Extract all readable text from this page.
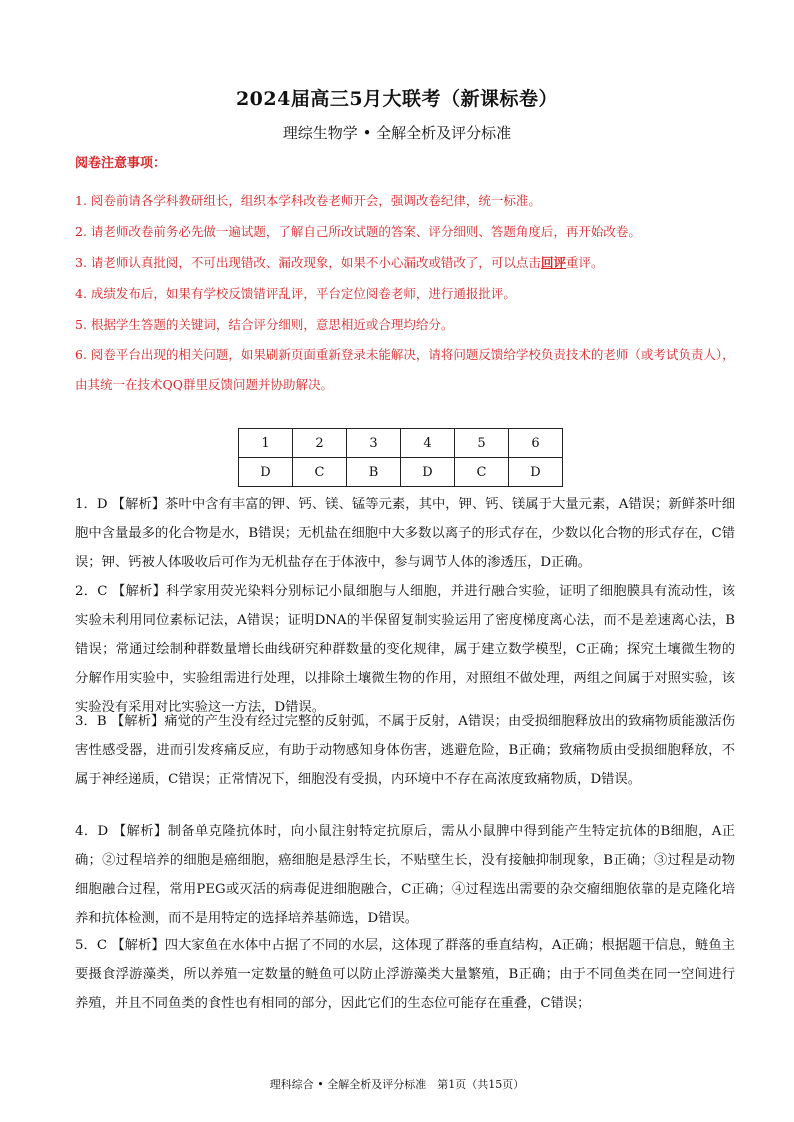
2024届高三5月大联考（新课标卷）
理综生物学 • 全解全析及评分标准
阅卷注意事项：
1. 阅卷前请各学科教研组长，组织本学科改卷老师开会，强调改卷纪律，统一标准。
2. 请老师改卷前务必先做一遍试题，了解自己所改试题的答案、评分细则、答题角度后，再开始改卷。
3. 请老师认真批阅，不可出现错改、漏改现象，如果不小心漏改或错改了，可以点击回评重评。
4. 成绩发布后，如果有学校反馈错评乱评，平台定位阅卷老师，进行通报批评。
5. 根据学生答题的关键词，结合评分细则，意思相近或合理均给分。
6. 阅卷平台出现的相关问题，如果刷新页面重新登录未能解决，请将问题反馈给学校负责技术的老师（或考试负责人），由其统一在技术QQ群里反馈问题并协助解决。
1	2	3	4	5	6
D	C	B	D	C	D
1．D 【解析】茶叶中含有丰富的钾、钙、镁、锰等元素，其中，钾、钙、镁属于大量元素，A错误；新鲜茶叶细胞中含量最多的化合物是水，B错误；无机盐在细胞中大多数以离子的形式存在，少数以化合物的形式存在，C错误；钾、钙被人体吸收后可作为无机盐存在于体液中，参与调节人体的渗透压，D正确。
2．C 【解析】科学家用荧光染料分别标记小鼠细胞与人细胞，并进行融合实验，证明了细胞膜具有流动性，该实验未利用同位素标记法，A错误；证明DNA的半保留复制实验运用了密度梯度离心法，而不是差速离心法，B错误；常通过绘制种群数量增长曲线研究种群数量的变化规律，属于建立数学模型，C正确；探究土壤微生物的分解作用实验中，实验组需进行处理，以排除土壤微生物的作用，对照组不做处理，两组之间属于对照实验，该实验没有采用对比实验这一方法，D错误。
3．B 【解析】痛觉的产生没有经过完整的反射弧，不属于反射，A错误；由受损细胞释放出的致痛物质能激活伤害性感受器，进而引发疼痛反应，有助于动物感知身体伤害，逃避危险，B正确；致痛物质由受损细胞释放，不属于神经递质，C错误；正常情况下，细胞没有受损，内环境中不存在高浓度致痛物质，D错误。
4．D 【解析】制备单克隆抗体时，向小鼠注射特定抗原后，需从小鼠脾中得到能产生特定抗体的B细胞，A正确；②过程培养的细胞是癌细胞，癌细胞是悬浮生长，不贴壁生长，没有接触抑制现象，B正确；③过程是动物细胞融合过程，常用PEG或灭活的病毒促进细胞融合，C正确；④过程选出需要的杂交瘤细胞依靠的是克隆化培养和抗体检测，而不是用特定的选择培养基筛选，D错误。
5．C 【解析】四大家鱼在水体中占据了不同的水层，这体现了群落的垂直结构，A正确；根据题干信息，鲢鱼主要摄食浮游藻类，所以养殖一定数量的鲢鱼可以防止浮游藻类大量繁殖，B正确；由于不同鱼类在同一空间进行养殖，并且不同鱼类的食性也有相同的部分，因此它们的生态位可能存在重叠，C错误；
理科综合 • 全解全析及评分标准　第1页（共15页）
